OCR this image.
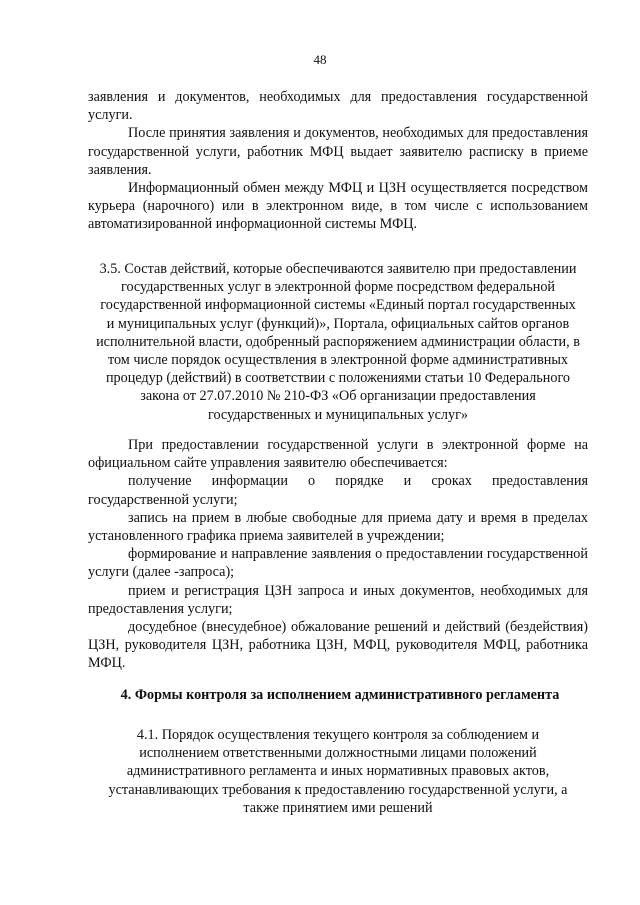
48

заявления и документов, необходимых для предоставления государственной услуги.

После принятия заявления и документов, необходимых для предоставления государственной услуги, работник МФЦ выдает заявителю расписку в приеме заявления.

Информационный обмен между МФЦ и ЦЗН осуществляется посредством курьера (нарочного) или в электронном виде, в том числе с использованием автоматизированной информационной системы МФЦ.

3.5. Состав действий, которые обеспечиваются заявителю при предоставлении государственных услуг в электронной форме посредством федеральной государственной информационной системы «Единый портал государственных и муниципальных услуг (функций)», Портала, официальных сайтов органов исполнительной власти, одобренный распоряжением администрации области, в том числе порядок осуществления в электронной форме административных процедур (действий) в соответствии с положениями статьи 10 Федерального закона от 27.07.2010 № 210-ФЗ «Об организации предоставления государственных и муниципальных услуг»

При предоставлении государственной услуги в электронной форме на официальном сайте управления заявителю обеспечивается:

получение информации о порядке и сроках предоставления государственной услуги;

запись на прием в любые свободные для приема дату и время в пределах установленного графика приема заявителей в учреждении;

формирование и направление заявления о предоставлении государственной услуги (далее -запроса);

прием и регистрация ЦЗН запроса и иных документов, необходимых для предоставления услуги;

досудебное (внесудебное) обжалование решений и действий (бездействия) ЦЗН, руководителя ЦЗН, работника ЦЗН, МФЦ, руководителя МФЦ, работника МФЦ.

4. Формы контроля за исполнением административного регламента
4.1. Порядок осуществления текущего контроля за соблюдением и исполнением ответственными должностными лицами положений административного регламента и иных нормативных правовых актов, устанавливающих требования к предоставлению государственной услуги, а также принятием ими решений
